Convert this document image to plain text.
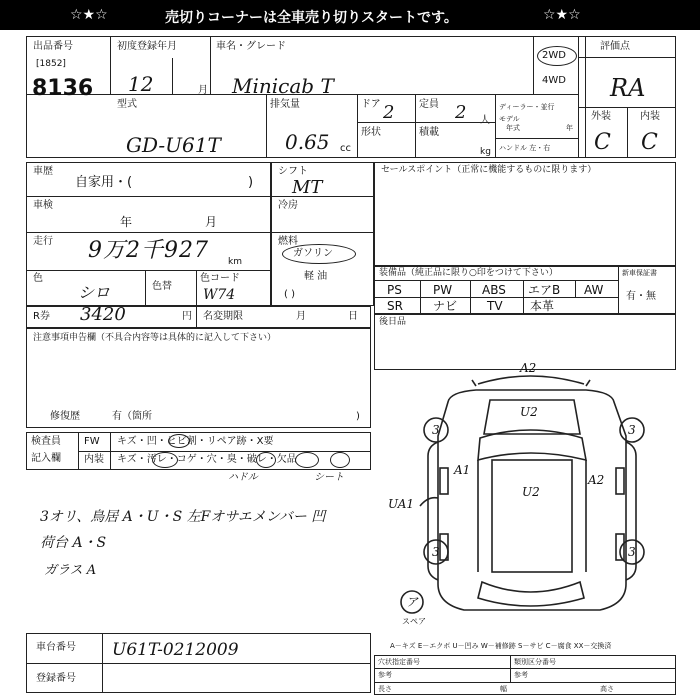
☆★☆	売切りコーナーは全車売り切りスタートです。	☆★☆
出品番号
[1852]
8136
初度登録年月
12	月
車名・グレード
Minicab T
2WD
4WD
評価点
RA
外装	内装
C C
型式
GD-U61T
排気量
0.65 cc
ドア 2 定員 2 人
形状	積載
kg
ディーラー・並行
モデル
年式	年
ハンドル 左・右
車歴
自家用・(	)
車検
年	月
走行 9万2千927 km
色
シロ	色替
色コード
W74
シフト
MT
冷房
燃料
ガソリン
軽 油
( )
セールスポイント（正常に機能するものに限ります）
装備品（純正品に限り○印をつけて下さい）	新車保証書
有・無
PS	PW ABS エアB AW
SR	ナビ TV 本革
R券 3420	円 名変期限	月	日 後日品
注意事項申告欄（不具合内容等は具体的に記入して下さい）
修復歴	有（箇所	)
検査員
記入欄
FW キズ・凹・ヒビ割・リペア跡・X要
内装 キズ・汚レ・コゲ・穴・臭・破レ・欠品
ハドル	シート
3オリ、鳥居 A・U・S 左Fオサエメンバー 凹
荷台 A・S
ガラス A
車台番号 U61T-0212009
登録番号
A2
U2
U2
A1
A2
UA1
3	3
3	3
ア
スペア
A－キズ E－エクボ U－凹み W－補修跡 S－サビ C－腐食 XX－交換済
穴状指定番号	類別区分番号
参考	参考
長さ	幅	高さ
